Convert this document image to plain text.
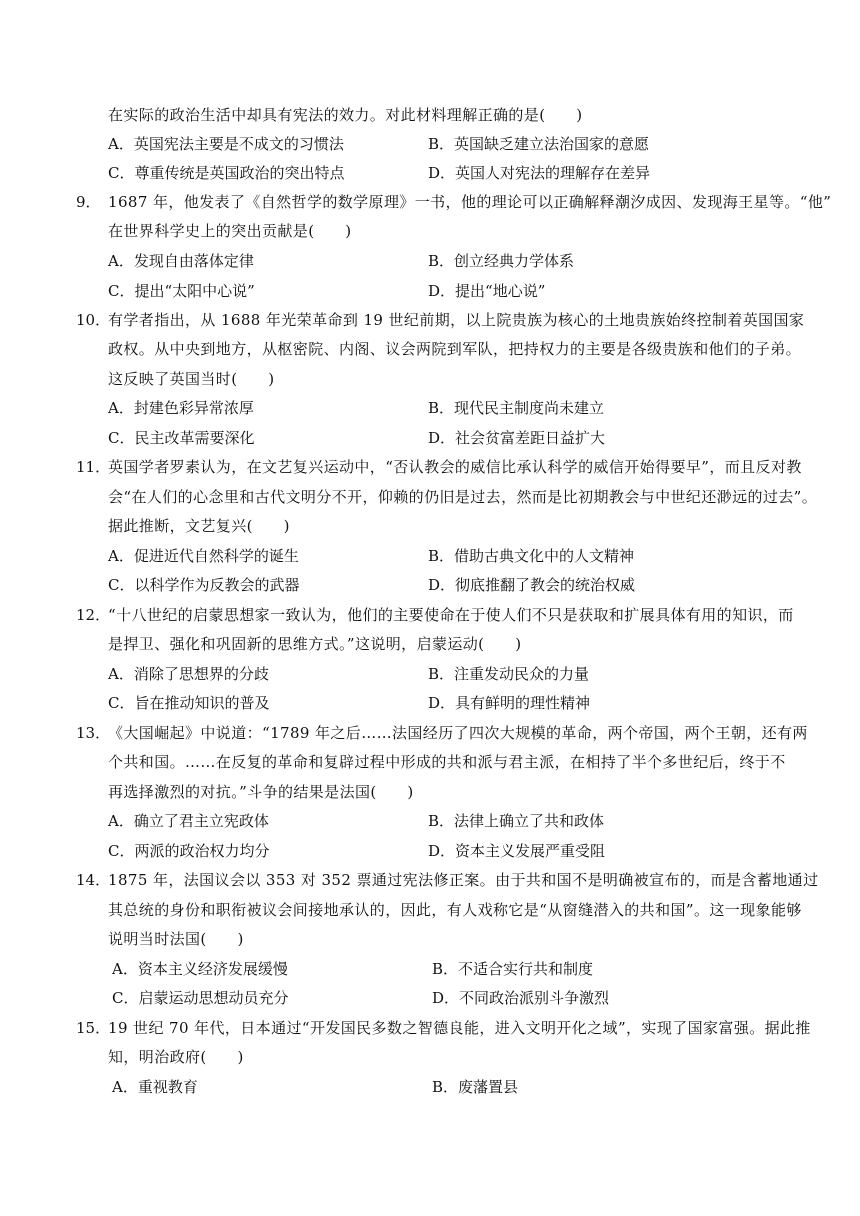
在实际的政治生活中却具有宪法的效力。对此材料理解正确的是(　　)
A．英国宪法主要是不成文的习惯法	B．英国缺乏建立法治国家的意愿
C．尊重传统是英国政治的突出特点	D．英国人对宪法的理解存在差异
9． 1687 年，他发表了《自然哲学的数学原理》一书，他的理论可以正确解释潮汐成因、发现海王星等。“他”
在世界科学史上的突出贡献是(　　)
A．发现自由落体定律	B．创立经典力学体系
C．提出“太阳中心说”	D．提出“地心说”
10．
有学者指出，从 1688 年光荣革命到 19 世纪前期，以上院贵族为核心的土地贵族始终控制着英国国家
政权。从中央到地方，从枢密院、内阁、议会两院到军队，把持权力的主要是各级贵族和他们的子弟。
这反映了英国当时(　　)
A．封建色彩异常浓厚	B．现代民主制度尚未建立
C．民主改革需要深化	D．社会贫富差距日益扩大
11．
英国学者罗素认为，在文艺复兴运动中，“否认教会的威信比承认科学的威信开始得要早”，而且反对教
会“在人们的心念里和古代文明分不开，仰赖的仍旧是过去，然而是比初期教会与中世纪还渺远的过去”。
据此推断，文艺复兴(　　)
A．促进近代自然科学的诞生	B．借助古典文化中的人文精神
C．以科学作为反教会的武器	D．彻底推翻了教会的统治权威
12．
“十八世纪的启蒙思想家一致认为，他们的主要使命在于使人们不只是获取和扩展具体有用的知识，而
是捍卫、强化和巩固新的思维方式。”这说明，启蒙运动(　　)
A．消除了思想界的分歧	B．注重发动民众的力量
C．旨在推动知识的普及	D．具有鲜明的理性精神
13．
《大国崛起》中说道：“1789 年之后……法国经历了四次大规模的革命，两个帝国，两个王朝，还有两
个共和国。……在反复的革命和复辟过程中形成的共和派与君主派，在相持了半个多世纪后，终于不
再选择激烈的对抗。”斗争的结果是法国(　　)
A．确立了君主立宪政体	B．法律上确立了共和政体
C．两派的政治权力均分	D．资本主义发展严重受阻
14．
1875 年，法国议会以 353 对 352 票通过宪法修正案。由于共和国不是明确被宣布的，而是含蓄地通过
其总统的身份和职衔被议会间接地承认的，因此，有人戏称它是“从窗缝潜入的共和国”。这一现象能够
说明当时法国(　　)
A．资本主义经济发展缓慢	B．不适合实行共和制度
C．启蒙运动思想动员充分	D．不同政治派别斗争激烈
15．
19 世纪 70 年代，日本通过“开发国民多数之智德良能，进入文明开化之域”，实现了国家富强。据此推
知，明治政府(　　)
A．重视教育	B．废藩置县
